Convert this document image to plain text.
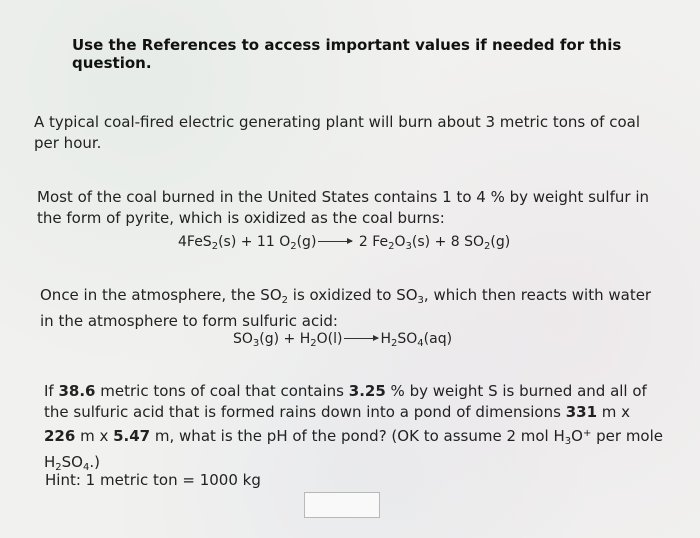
Use the References to access important values if needed for this question.
A typical coal-fired electric generating plant will burn about 3 metric tons of coal per hour.
Most of the coal burned in the United States contains 1 to 4 % by weight sulfur in the form of pyrite, which is oxidized as the coal burns:
4FeS$_2$(s) + 11 $O_2(g) \to 2$ $Fe_2O_3(s) + 8$ $SO_2(g)$
Once in the atmosphere, the $SO_2$ is oxidized to $SO_3$, which then reacts with water in the atmosphere to form sulfuric acid:
$SO_3(g) + H_2O(l) \to H_2SO_4(aq)$
If 38.6 metric tons of coal that contains 3.25 % by weight S is burned and all of the sulfuric acid that is formed rains down into a pond of dimensions 331 m x 226 m x 5.47 m, what is the pH of the pond? (OK to assume 2 mol $H_3O^+$ per mole $H_2SO_4$.)
Hint: 1 metric ton = 1000 kg
